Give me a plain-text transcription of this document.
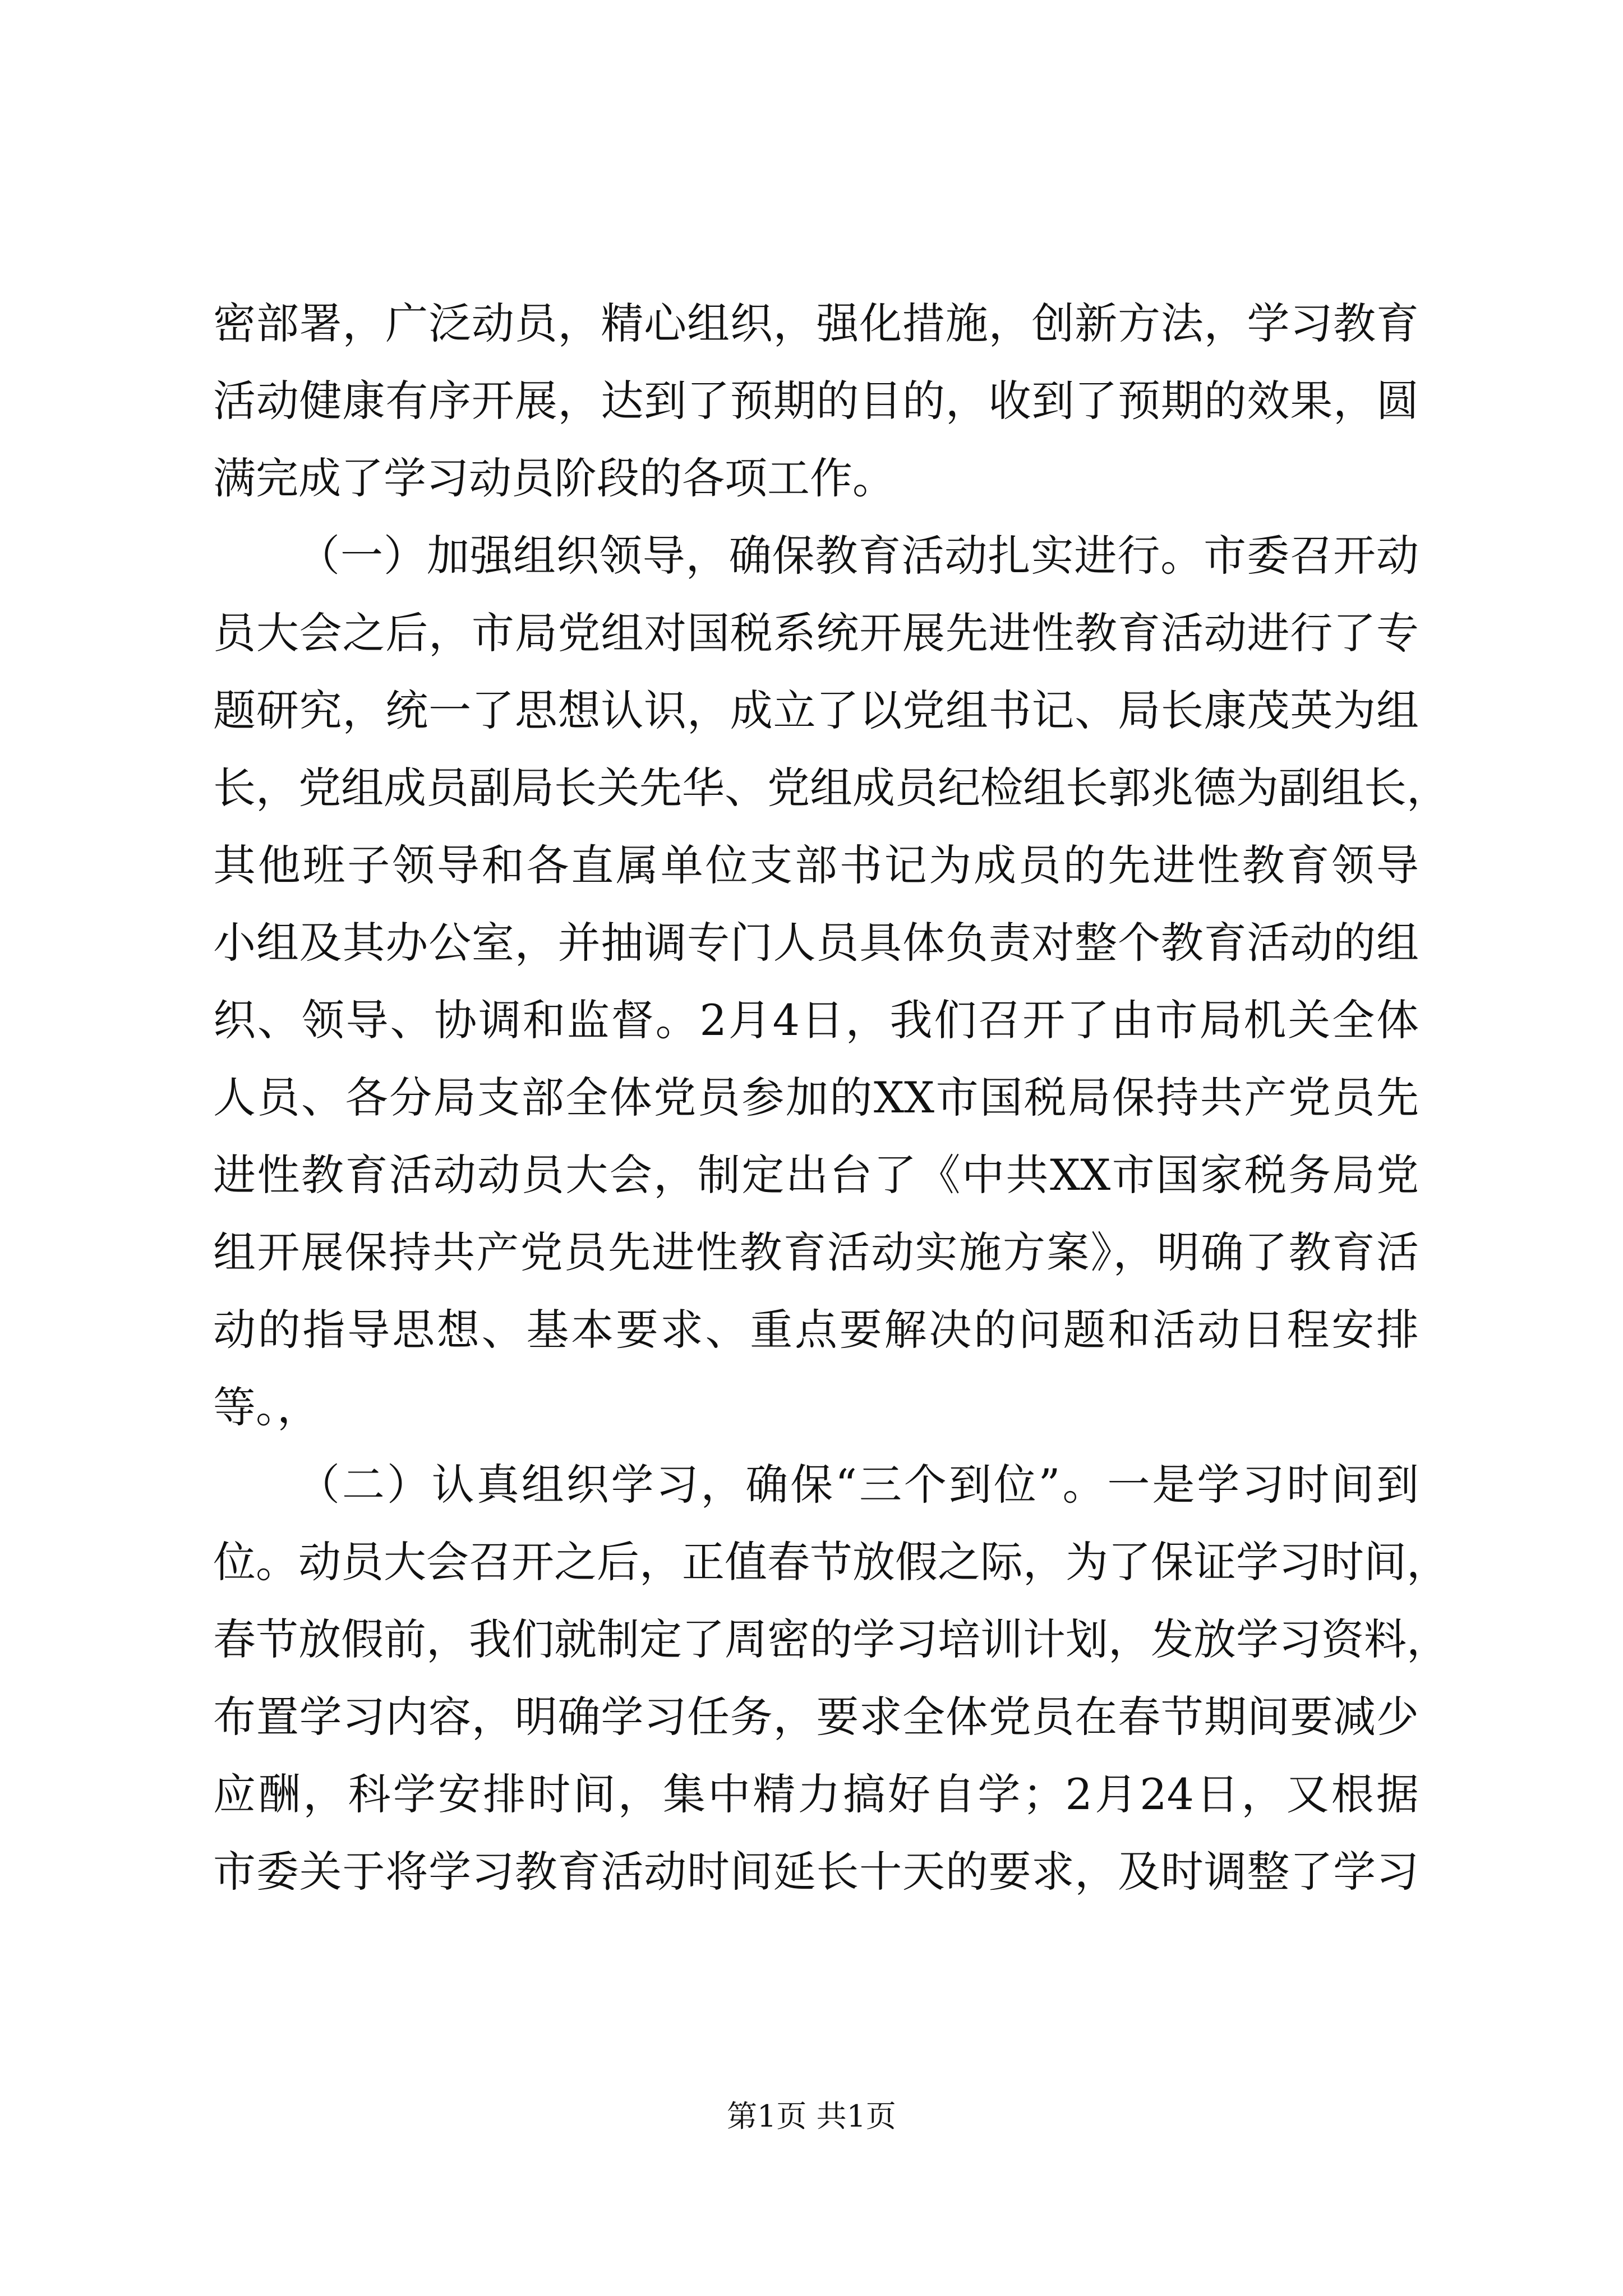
密部署，广泛动员，精心组织，强化措施，创新方法，学习教育
活动健康有序开展，达到了预期的目的，收到了预期的效果，圆
满完成了学习动员阶段的各项工作。
（一）加强组织领导，确保教育活动扎实进行。市委召开动
员大会之后，市局党组对国税系统开展先进性教育活动进行了专
题研究，统一了思想认识，成立了以党组书记、局长康茂英为组
长，党组成员副局长关先华、党组成员纪检组长郭兆德为副组长，
其他班子领导和各直属单位支部书记为成员的先进性教育领导
小组及其办公室，并抽调专门人员具体负责对整个教育活动的组
织、领导、协调和监督。2月4日，我们召开了由市局机关全体
人员、各分局支部全体党员参加的XX市国税局保持共产党员先
进性教育活动动员大会，制定出台了《中共XX市国家税务局党
组开展保持共产党员先进性教育活动实施方案》，明确了教育活
动的指导思想、基本要求、重点要解决的问题和活动日程安排
等。，
（二）认真组织学习，确保“三个到位”。一是学习时间到
位。动员大会召开之后，正值春节放假之际，为了保证学习时间，
春节放假前，我们就制定了周密的学习培训计划，发放学习资料，
布置学习内容，明确学习任务，要求全体党员在春节期间要减少
应酬，科学安排时间，集中精力搞好自学；2月24日，又根据
市委关于将学习教育活动时间延长十天的要求，及时调整了学习
第1页 共1页
